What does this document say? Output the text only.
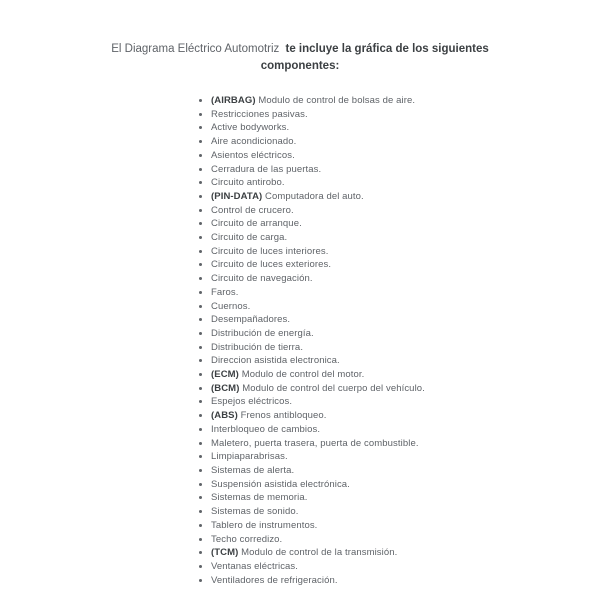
El Diagrama Eléctrico Automotriz te incluye la gráfica de los siguientes componentes:
• (AIRBAG) Modulo de control de bolsas de aire.
• Restricciones pasivas.
• Active bodyworks.
• Aire acondicionado.
• Asientos eléctricos.
• Cerradura de las puertas.
• Circuito antirobo.
• (PIN-DATA) Computadora del auto.
• Control de crucero.
• Circuito de arranque.
• Circuito de carga.
• Circuito de luces interiores.
• Circuito de luces exteriores.
• Circuito de navegación.
• Faros.
• Cuernos.
• Desempañadores.
• Distribución de energía.
• Distribución de tierra.
• Direccion asistida electronica.
• (ECM) Modulo de control del motor.
• (BCM) Modulo de control del cuerpo del vehículo.
• Espejos eléctricos.
• (ABS) Frenos antibloqueo.
• Interbloqueo de cambios.
• Maletero, puerta trasera, puerta de combustible.
• Limpiaparabrisas.
• Sistemas de alerta.
• Suspensión asistida electrónica.
• Sistemas de memoria.
• Sistemas de sonido.
• Tablero de instrumentos.
• Techo corredizo.
• (TCM) Modulo de control de la transmisión.
• Ventanas eléctricas.
• Ventiladores de refrigeración.
